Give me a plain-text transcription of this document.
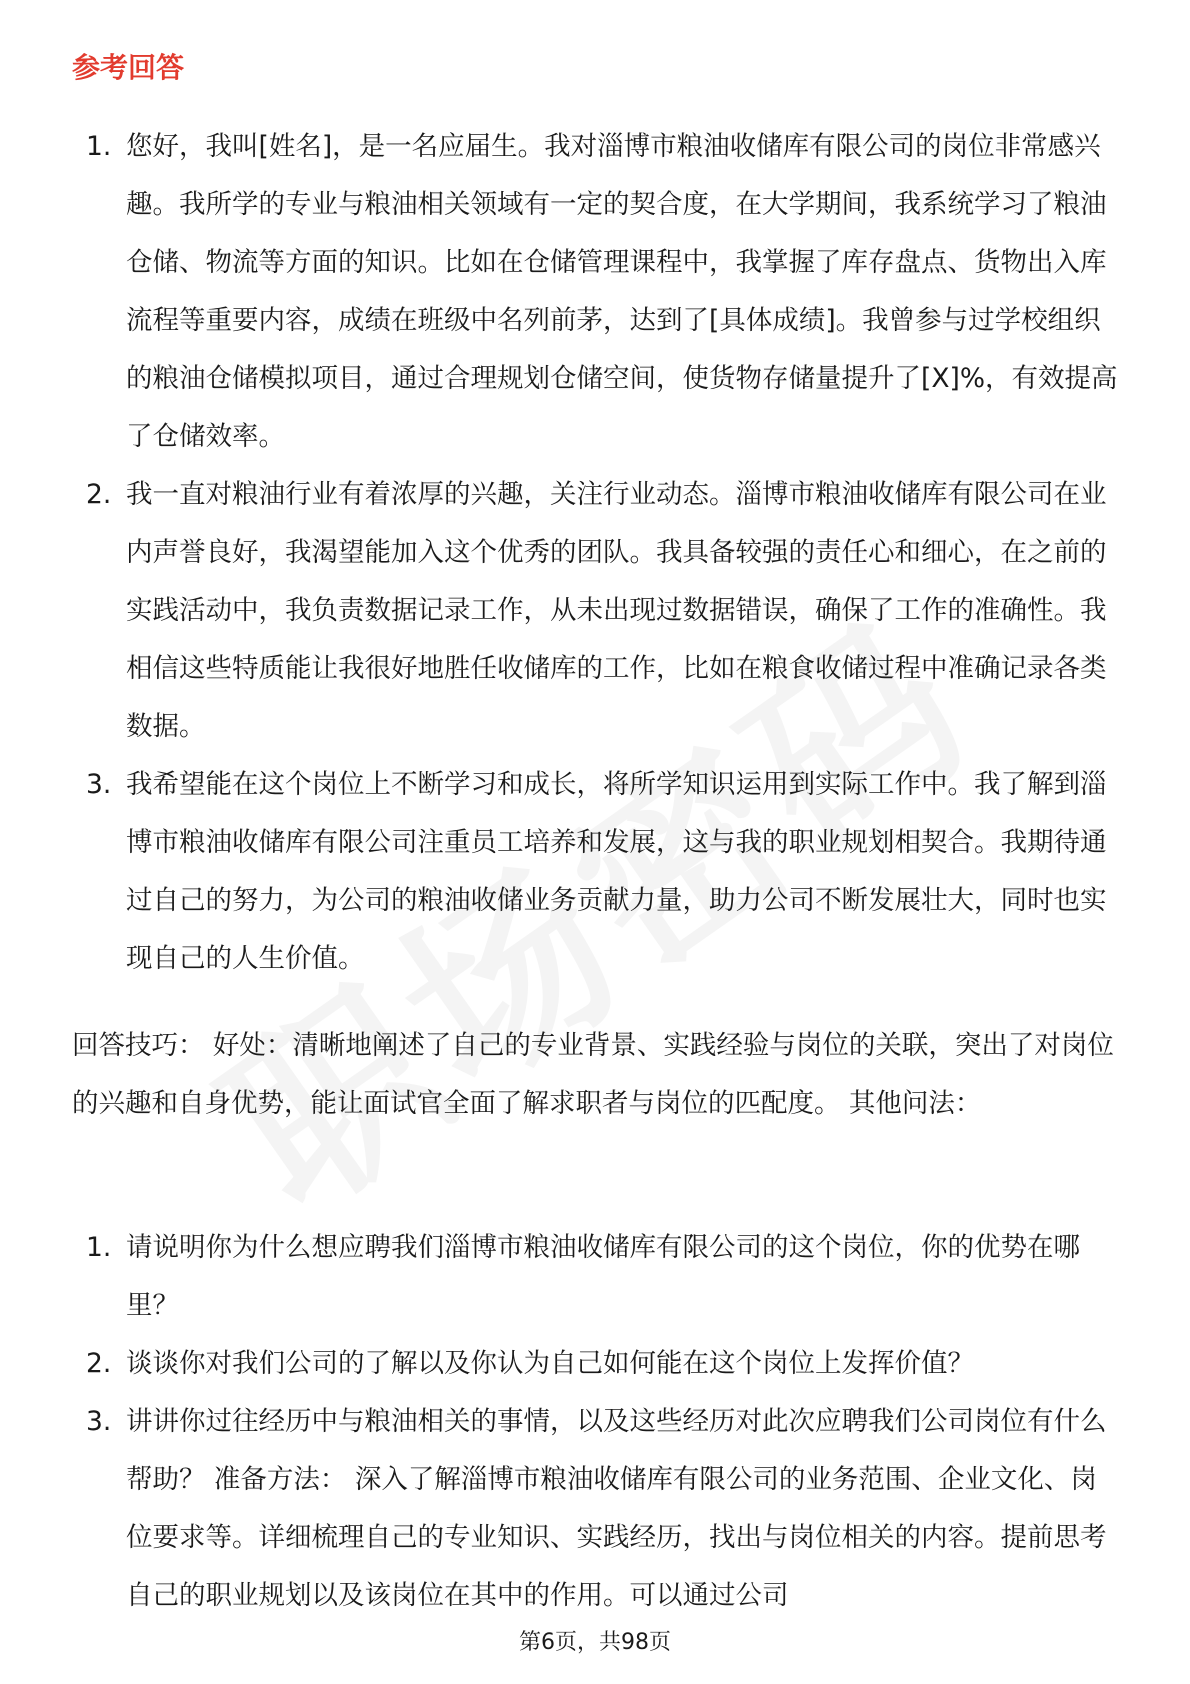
参考回答
1. 您好，我叫[姓名]，是一名应届生。我对淄博市粮油收储库有限公司的岗位非常感兴趣。我所学的专业与粮油相关领域有一定的契合度，在大学期间，我系统学习了粮油仓储、物流等方面的知识。比如在仓储管理课程中，我掌握了库存盘点、货物出入库流程等重要内容，成绩在班级中名列前茅，达到了[具体成绩]。我曾参与过学校组织的粮油仓储模拟项目，通过合理规划仓储空间，使货物存储量提升了[X]%，有效提高了仓储效率。
2. 我一直对粮油行业有着浓厚的兴趣，关注行业动态。淄博市粮油收储库有限公司在业内声誉良好，我渴望能加入这个优秀的团队。我具备较强的责任心和细心，在之前的实践活动中，我负责数据记录工作，从未出现过数据错误，确保了工作的准确性。我相信这些特质能让我很好地胜任收储库的工作，比如在粮食收储过程中准确记录各类数据。
3. 我希望能在这个岗位上不断学习和成长，将所学知识运用到实际工作中。我了解到淄博市粮油收储库有限公司注重员工培养和发展，这与我的职业规划相契合。我期待通过自己的努力，为公司的粮油收储业务贡献力量，助力公司不断发展壮大，同时也实现自己的人生价值。
回答技巧： 好处：清晰地阐述了自己的专业背景、实践经验与岗位的关联，突出了对岗位的兴趣和自身优势，能让面试官全面了解求职者与岗位的匹配度。 其他问法：
1. 请说明你为什么想应聘我们淄博市粮油收储库有限公司的这个岗位，你的优势在哪里？
2. 谈谈你对我们公司的了解以及你认为自己如何能在这个岗位上发挥价值？
3. 讲讲你过往经历中与粮油相关的事情，以及这些经历对此次应聘我们公司岗位有什么帮助？ 准备方法： 深入了解淄博市粮油收储库有限公司的业务范围、企业文化、岗位要求等。详细梳理自己的专业知识、实践经历，找出与岗位相关的内容。提前思考自己的职业规划以及该岗位在其中的作用。可以通过公司
第6页，共98页
